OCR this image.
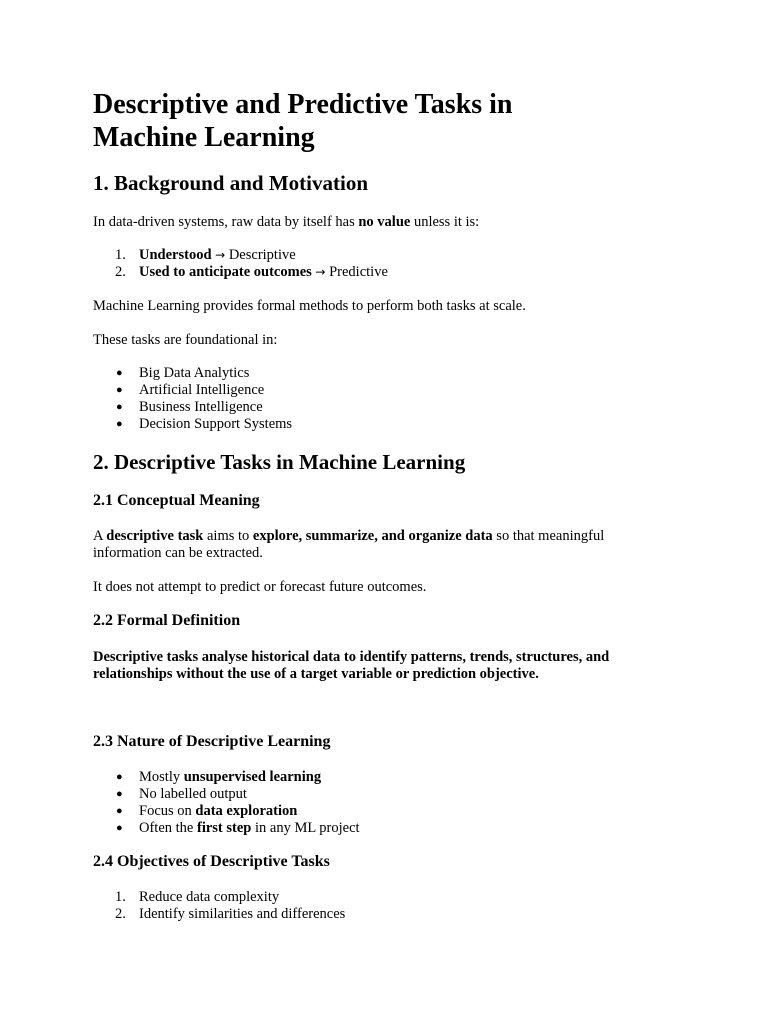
Descriptive and Predictive Tasks in
Machine Learning
1. Background and Motivation
In data-driven systems, raw data by itself has no value unless it is:
1. Understood → Descriptive
2. Used to anticipate outcomes → Predictive
Machine Learning provides formal methods to perform both tasks at scale.
These tasks are foundational in:
● Big Data Analytics
● Artificial Intelligence
● Business Intelligence
● Decision Support Systems
2. Descriptive Tasks in Machine Learning
2.1 Conceptual Meaning
A descriptive task aims to explore, summarize, and organize data so that meaningful
information can be extracted.
It does not attempt to predict or forecast future outcomes.
2.2 Formal Definition
Descriptive tasks analyse historical data to identify patterns, trends, structures, and
relationships without the use of a target variable or prediction objective.
2.3 Nature of Descriptive Learning
● Mostly unsupervised learning
● No labelled output
● Focus on data exploration
● Often the first step in any ML project
2.4 Objectives of Descriptive Tasks
1. Reduce data complexity
2. Identify similarities and differences
